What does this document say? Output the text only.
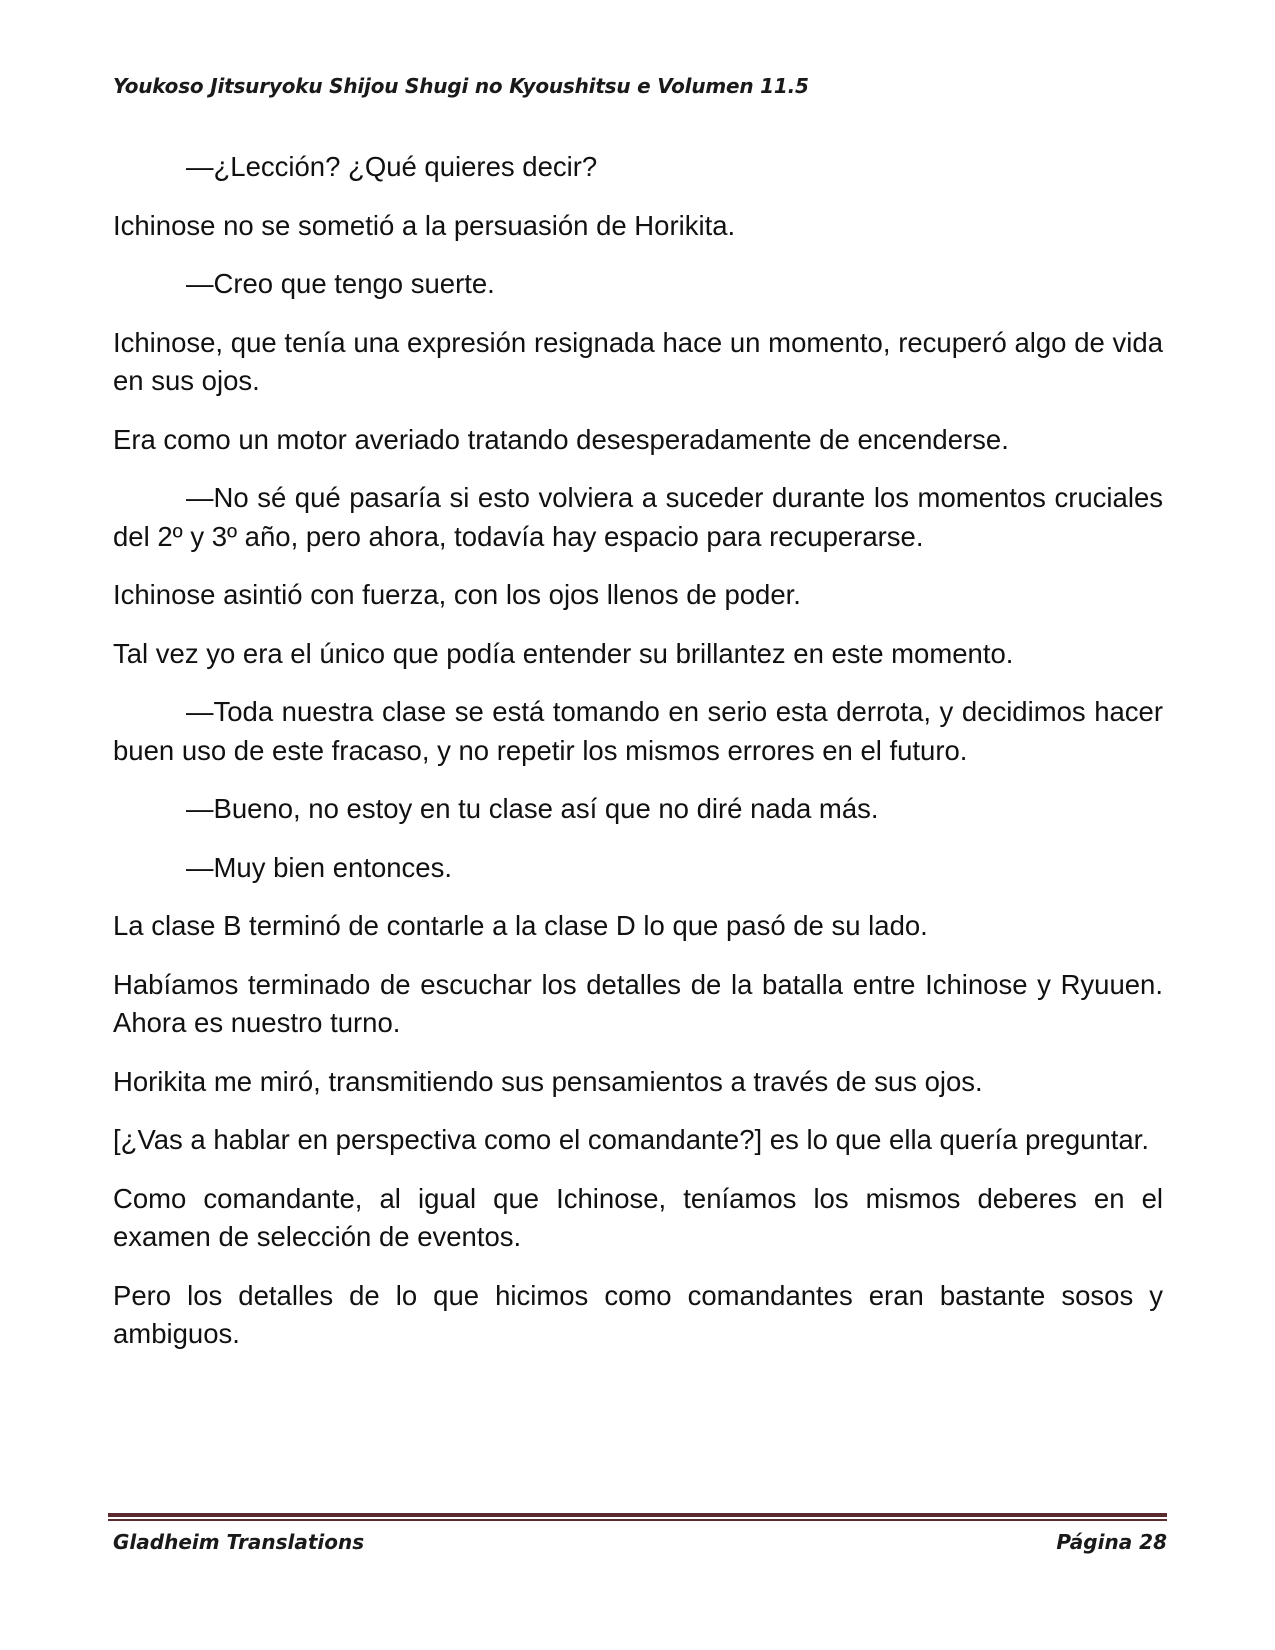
Youkoso Jitsuryoku Shijou Shugi no Kyoushitsu e Volumen 11.5

—¿Lección? ¿Qué quieres decir?

Ichinose no se sometió a la persuasión de Horikita.

—Creo que tengo suerte.

Ichinose, que tenía una expresión resignada hace un momento, recuperó algo de vida en sus ojos.

Era como un motor averiado tratando desesperadamente de encenderse.

—No sé qué pasaría si esto volviera a suceder durante los momentos cruciales del 2º y 3º año, pero ahora, todavía hay espacio para recuperarse.

Ichinose asintió con fuerza, con los ojos llenos de poder.

Tal vez yo era el único que podía entender su brillantez en este momento.

—Toda nuestra clase se está tomando en serio esta derrota, y decidimos hacer buen uso de este fracaso, y no repetir los mismos errores en el futuro.

—Bueno, no estoy en tu clase así que no diré nada más.

—Muy bien entonces.

La clase B terminó de contarle a la clase D lo que pasó de su lado.

Habíamos terminado de escuchar los detalles de la batalla entre Ichinose y Ryuuen. Ahora es nuestro turno.

Horikita me miró, transmitiendo sus pensamientos a través de sus ojos.

[¿Vas a hablar en perspectiva como el comandante?] es lo que ella quería preguntar.

Como comandante, al igual que Ichinose, teníamos los mismos deberes en el examen de selección de eventos.

Pero los detalles de lo que hicimos como comandantes eran bastante sosos y ambiguos.

Gladheim Translations	Página 28
